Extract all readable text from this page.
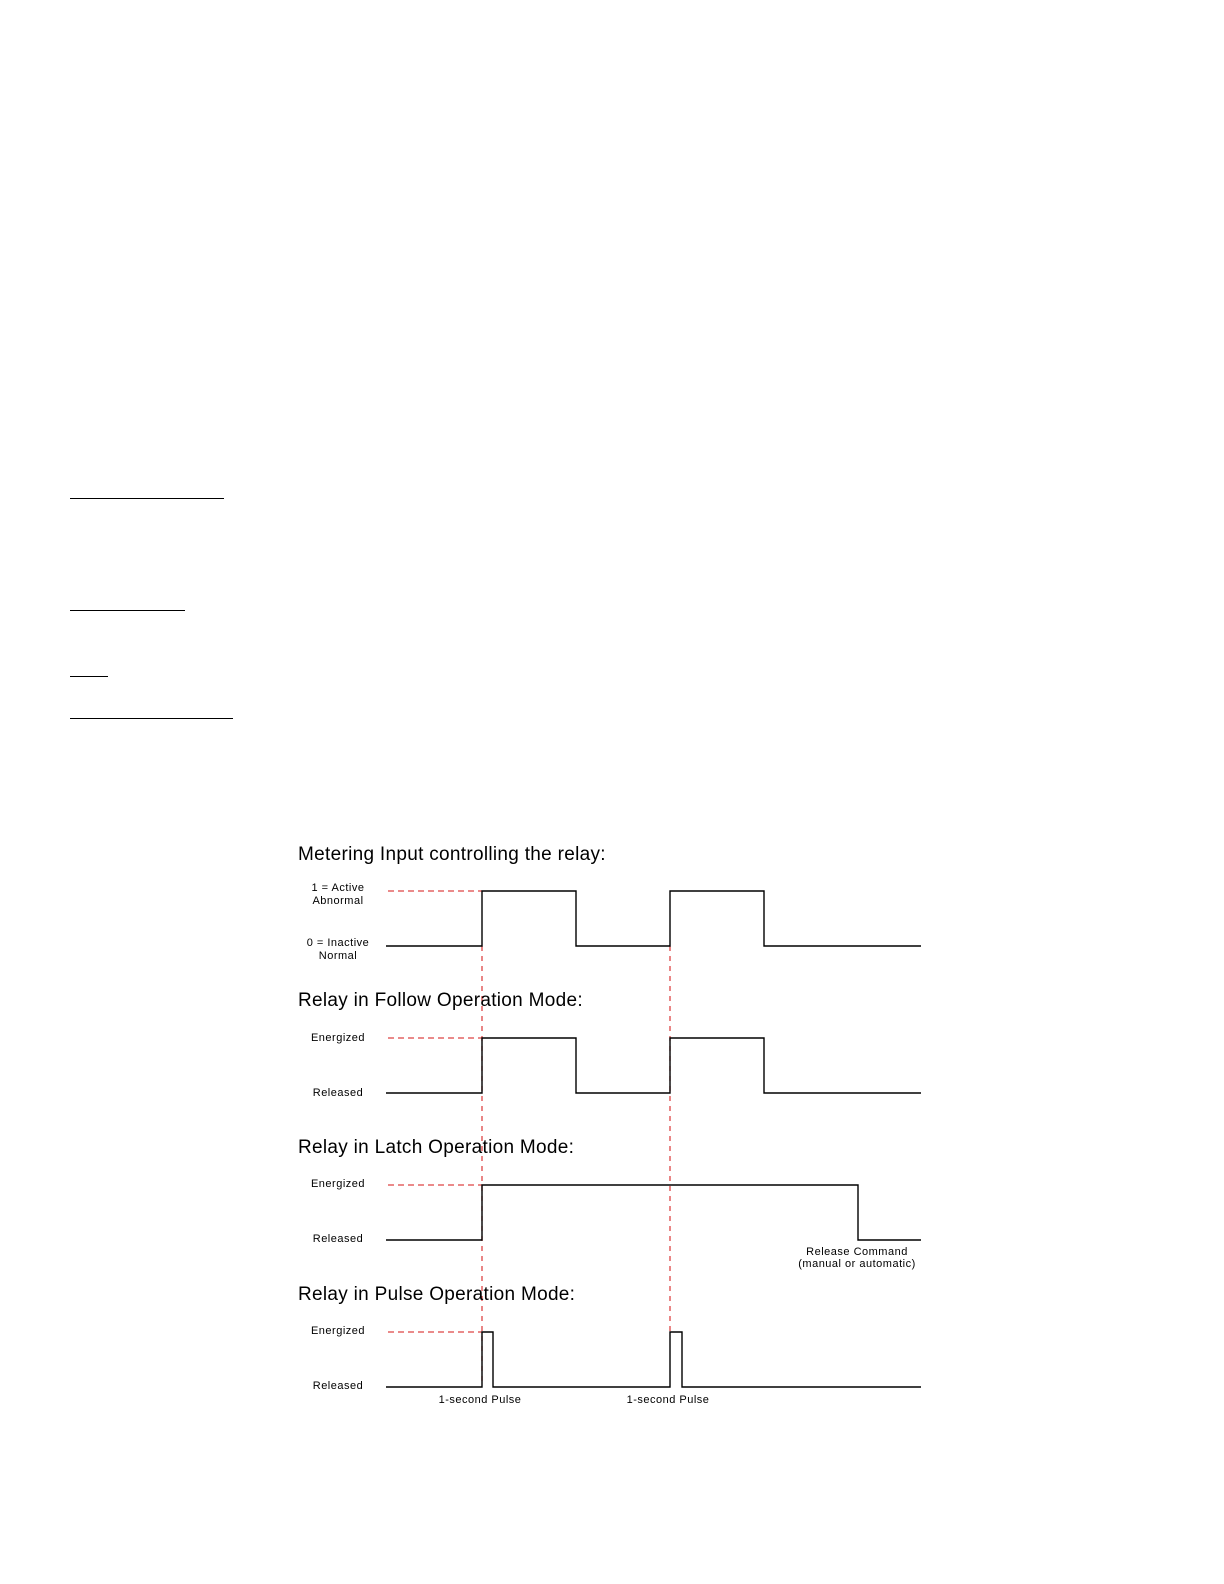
Metering Input controlling the relay:
1 = Active
Abnormal
0 = Inactive
Normal
Relay in Follow Operation Mode:
Energized
Released
Relay in Latch Operation Mode:
Energized
Released
Release Command
(manual or automatic)
Relay in Pulse Operation Mode:
Energized
Released
1-second Pulse	1-second Pulse
